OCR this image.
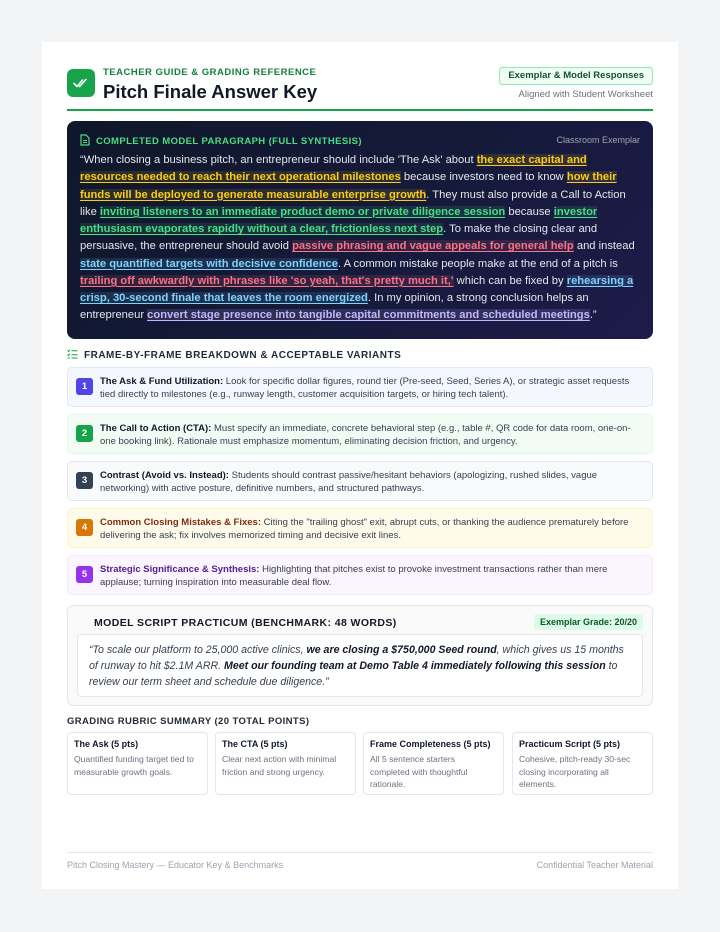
TEACHER GUIDE & GRADING REFERENCE
Pitch Finale Answer Key
Exemplar & Model Responses
Aligned with Student Worksheet
COMPLETED MODEL PARAGRAPH (FULL SYNTHESIS)	Classroom Exemplar
“When closing a business pitch, an entrepreneur should include 'The Ask' about the exact capital and resources needed to reach their next operational milestones because investors need to know how their funds will be deployed to generate measurable enterprise growth. They must also provide a Call to Action like inviting listeners to an immediate product demo or private diligence session because investor enthusiasm evaporates rapidly without a clear, frictionless next step. To make the closing clear and persuasive, the entrepreneur should avoid passive phrasing and vague appeals for general help and instead state quantified targets with decisive confidence. A common mistake people make at the end of a pitch is trailing off awkwardly with phrases like 'so yeah, that's pretty much it,' which can be fixed by rehearsing a crisp, 30-second finale that leaves the room energized. In my opinion, a strong conclusion helps an entrepreneur convert stage presence into tangible capital commitments and scheduled meetings.”
FRAME-BY-FRAME BREAKDOWN & ACCEPTABLE VARIANTS
1	The Ask & Fund Utilization: Look for specific dollar figures, round tier (Pre-seed, Seed, Series A), or strategic asset requests tied directly to milestones (e.g., runway length, customer acquisition targets, or hiring tech talent).
2	The Call to Action (CTA): Must specify an immediate, concrete behavioral step (e.g., table #, QR code for data room, one-on-one booking link). Rationale must emphasize momentum, eliminating decision friction, and urgency.
3	Contrast (Avoid vs. Instead): Students should contrast passive/hesitant behaviors (apologizing, rushed slides, vague networking) with active posture, definitive numbers, and structured pathways.
4	Common Closing Mistakes & Fixes: Citing the "trailing ghost" exit, abrupt cuts, or thanking the audience prematurely before delivering the ask; fix involves memorized timing and decisive exit lines.
5	Strategic Significance & Synthesis: Highlighting that pitches exist to provoke investment transactions rather than mere applause; turning inspiration into measurable deal flow.
MODEL SCRIPT PRACTICUM (BENCHMARK: 48 WORDS)	Exemplar Grade: 20/20
“To scale our platform to 25,000 active clinics, we are closing a $750,000 Seed round, which gives us 15 months of runway to hit $2.1M ARR. Meet our founding team at Demo Table 4 immediately following this session to review our term sheet and schedule due diligence.”
GRADING RUBRIC SUMMARY (20 TOTAL POINTS)
The Ask (5 pts)
Quantified funding target tied to measurable growth goals.
The CTA (5 pts)
Clear next action with minimal friction and strong urgency.
Frame Completeness (5 pts)
All 5 sentence starters completed with thoughtful rationale.
Practicum Script (5 pts)
Cohesive, pitch-ready 30-sec closing incorporating all elements.
Pitch Closing Mastery — Educator Key & Benchmarks	Confidential Teacher Material
